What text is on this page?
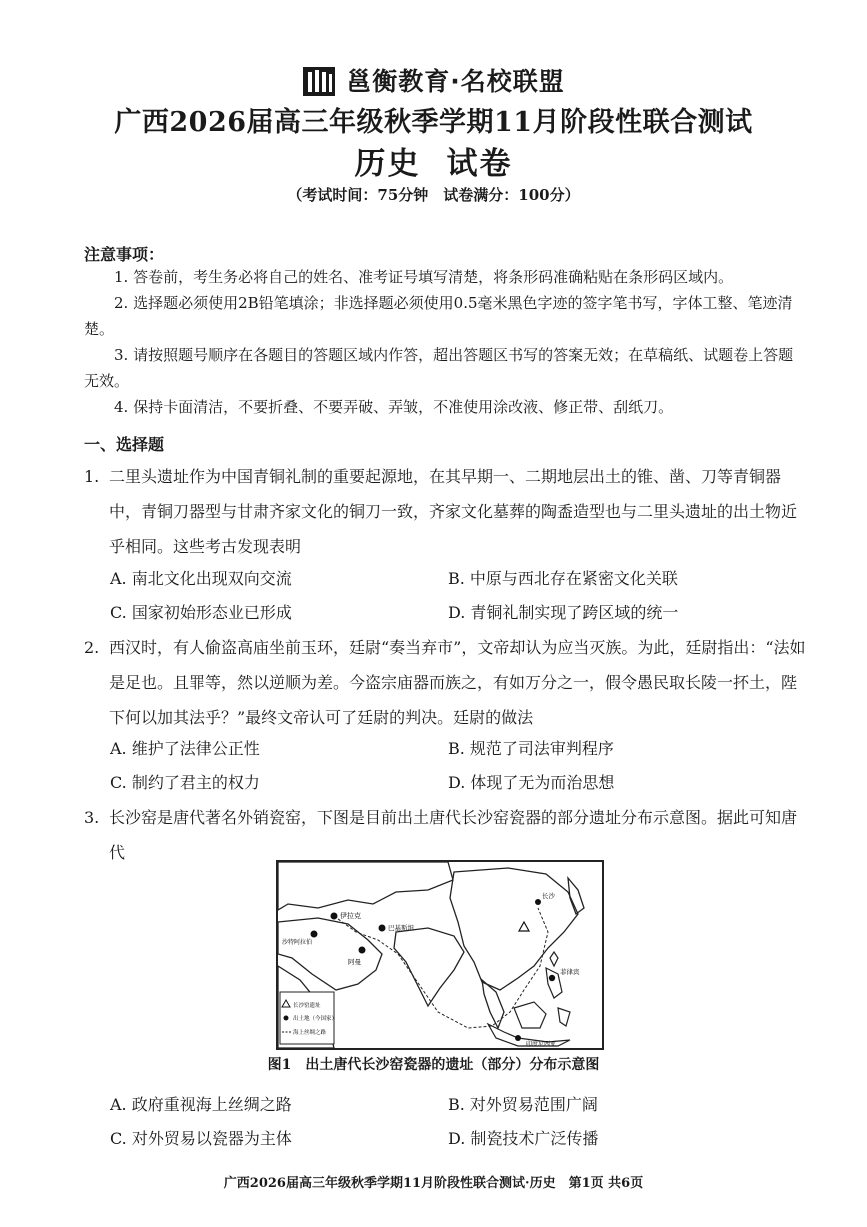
邕衡教育·名校联盟
广西2026届高三年级秋季学期11月阶段性联合测试
历史 试卷
（考试时间：75分钟　试卷满分：100分）
注意事项：

1. 答卷前，考生务必将自己的姓名、准考证号填写清楚，将条形码准确粘贴在条形码区域内。

2. 选择题必须使用2B铅笔填涂；非选择题必须使用0.5毫米黑色字迹的签字笔书写，字体工整、笔迹清楚。

3. 请按照题号顺序在各题目的答题区域内作答，超出答题区书写的答案无效；在草稿纸、试题卷上答题无效。

4. 保持卡面清洁，不要折叠、不要弄破、弄皱，不准使用涂改液、修正带、刮纸刀。

一、选择题
1. 二里头遗址作为中国青铜礼制的重要起源地，在其早期一、二期地层出土的锥、凿、刀等青铜器中，青铜刀器型与甘肃齐家文化的铜刀一致，齐家文化墓葬的陶盉造型也与二里头遗址的出土物近乎相同。这些考古发现表明
A. 南北文化出现双向交流	B. 中原与西北存在紧密文化关联
C. 国家初始形态业已形成	D. 青铜礼制实现了跨区域的统一
2. 西汉时，有人偷盗高庙坐前玉环，廷尉“奏当弃市”，文帝却认为应当灭族。为此，廷尉指出：“法如是足也。且罪等，然以逆顺为差。今盗宗庙器而族之，有如万分之一，假令愚民取长陵一抔土，陛下何以加其法乎？”最终文帝认可了廷尉的判决。廷尉的做法
A. 维护了法律公正性	B. 规范了司法审判程序
C. 制约了君主的权力	D. 体现了无为而治思想
3. 长沙窑是唐代著名外销瓷窑，下图是目前出土唐代长沙窑瓷器的部分遗址分布示意图。据此可知唐代
伊拉克
沙特阿拉伯
阿曼
巴基斯坦
长沙
菲律宾
印度尼西亚
长沙窑遗址
出土地（今国家）
海上丝绸之路
图1　出土唐代长沙窑瓷器的遗址（部分）分布示意图
A. 政府重视海上丝绸之路	B. 对外贸易范围广阔
C. 对外贸易以瓷器为主体	D. 制瓷技术广泛传播
广西2026届高三年级秋季学期11月阶段性联合测试·历史　第1页 共6页
